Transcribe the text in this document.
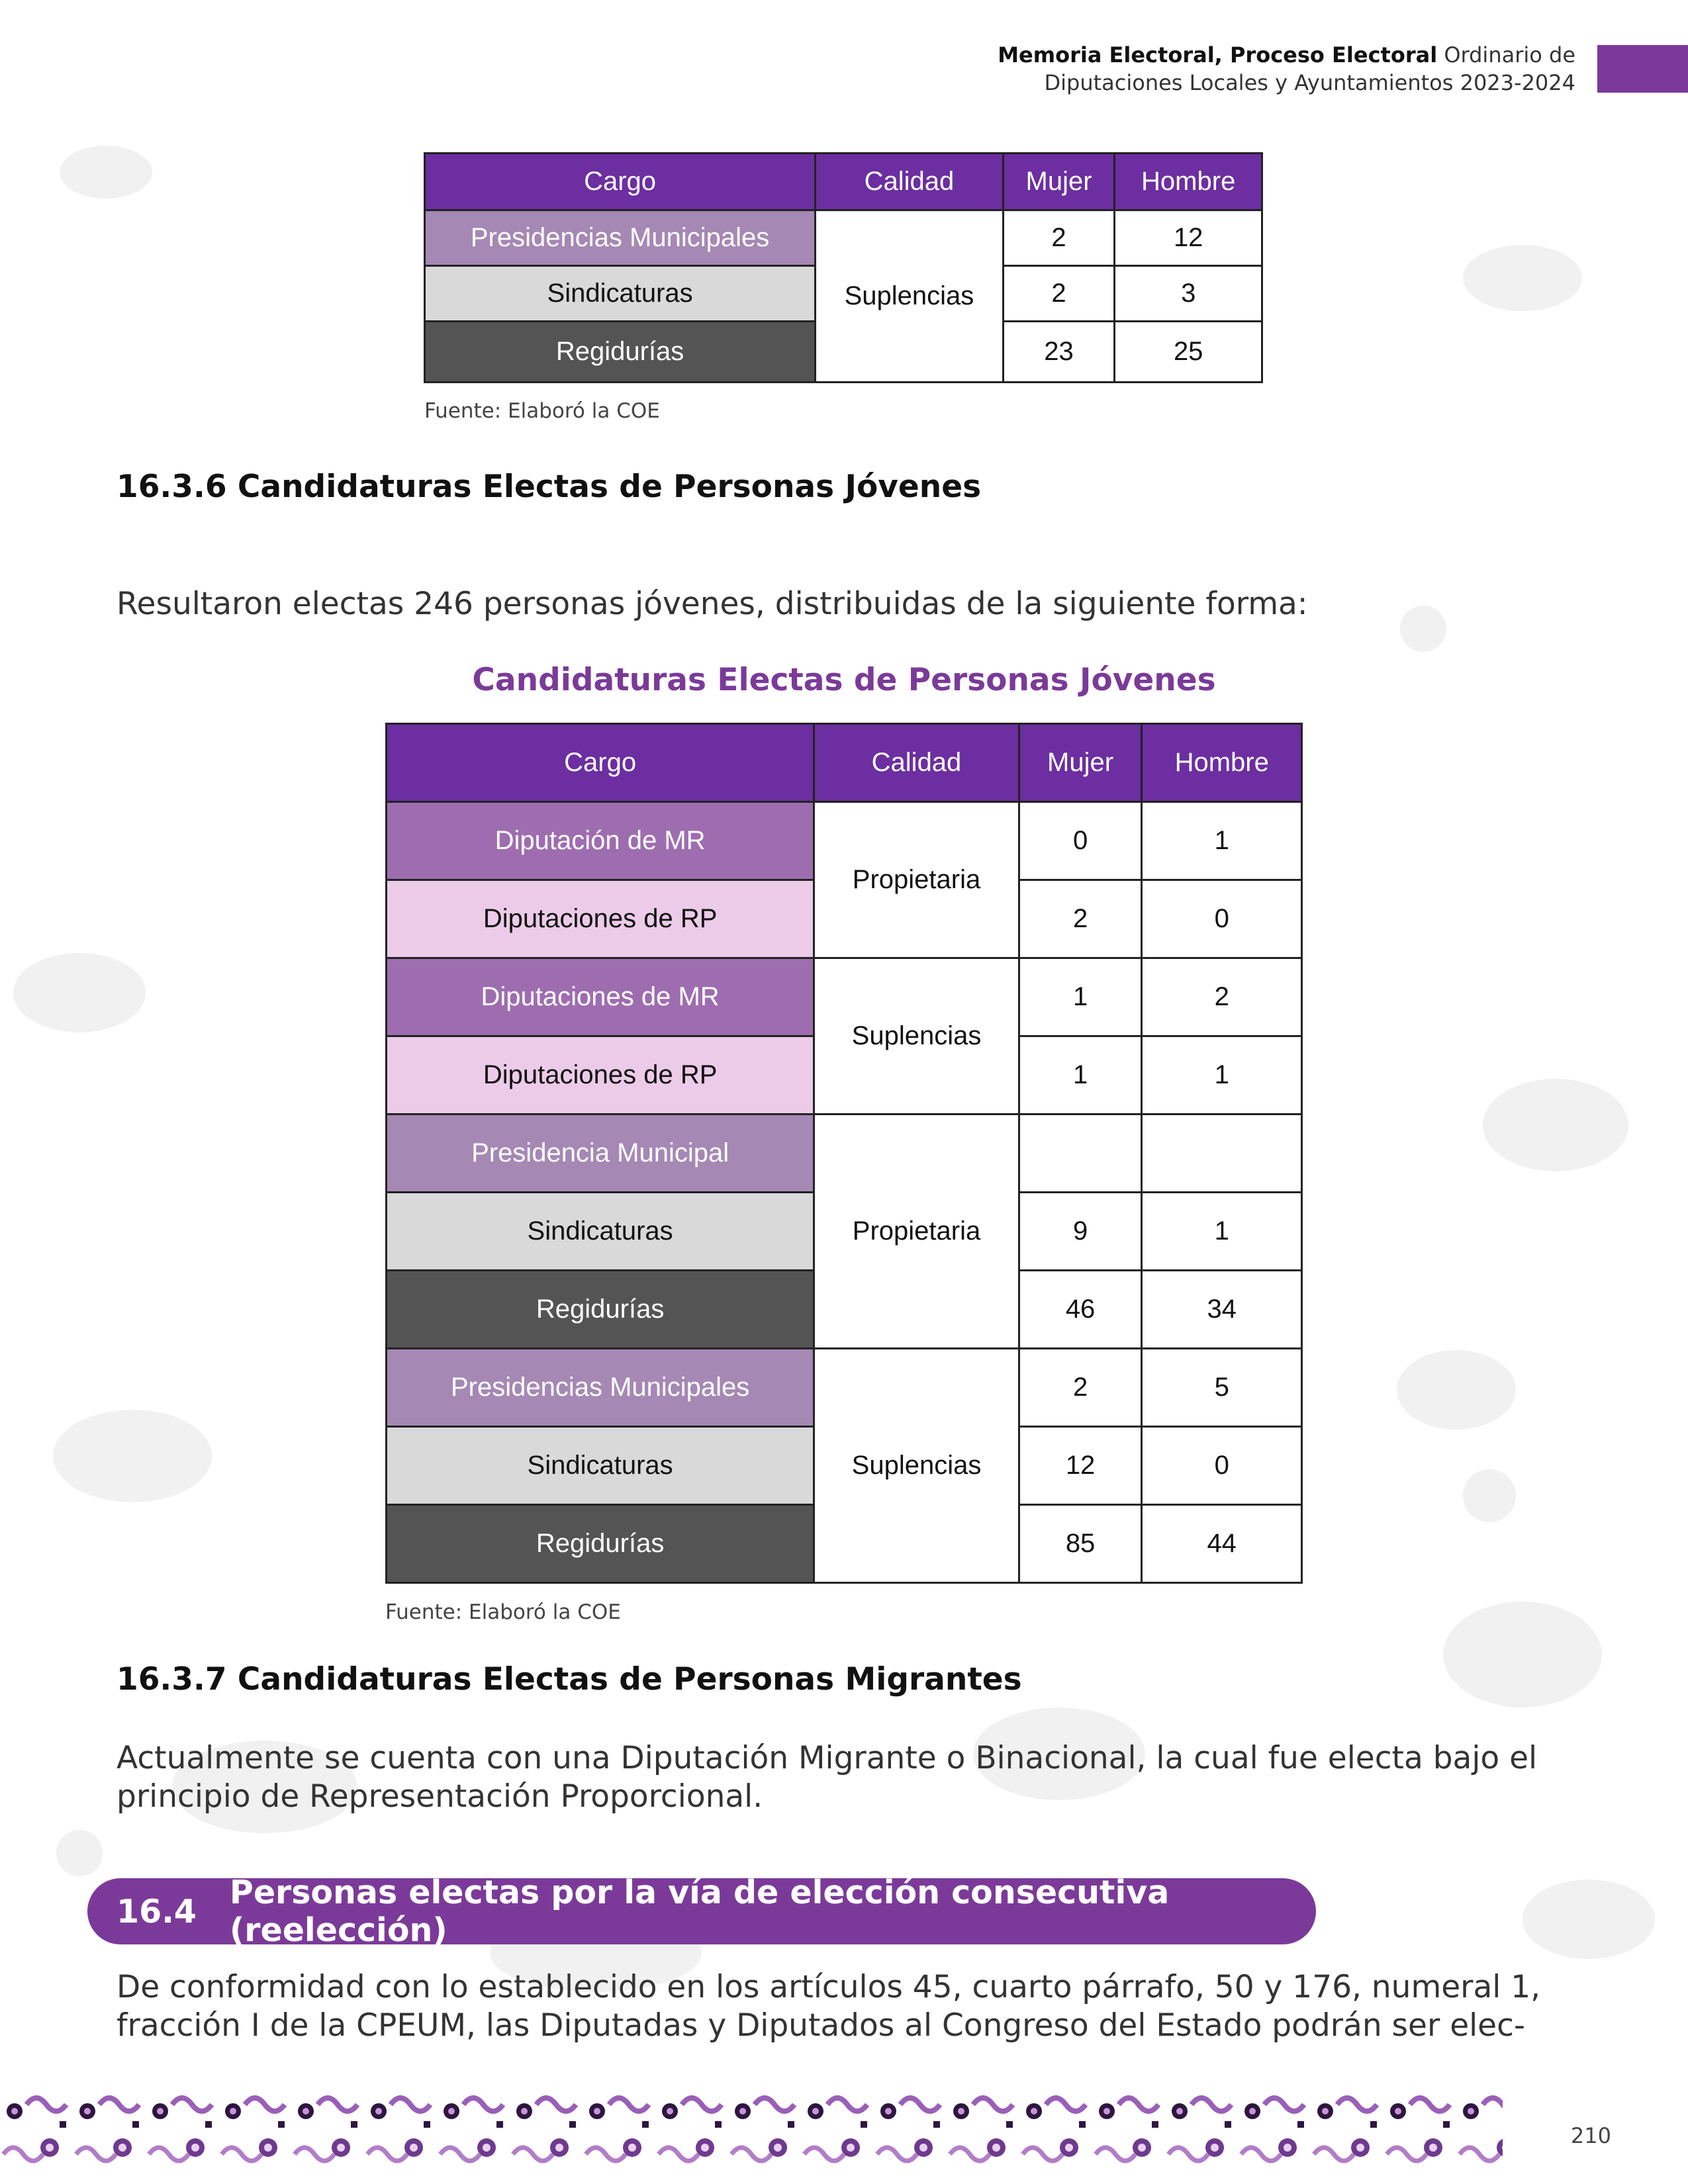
Memoria Electoral, Proceso Electoral Ordinario de
Diputaciones Locales y Ayuntamientos 2023-2024
Cargo	Calidad	Mujer	Hombre
Presidencias Municipales	Suplencias	2	12
Sindicaturas		2	3
Regidurías		23	25
Fuente: Elaboró la COE
16.3.6 Candidaturas Electas de Personas Jóvenes
Resultaron electas 246 personas jóvenes, distribuidas de la siguiente forma:
Candidaturas Electas de Personas Jóvenes
Cargo	Calidad	Mujer	Hombre
Diputación de MR	Propietaria	0	1
Diputaciones de RP		2	0
Diputaciones de MR	Suplencias	1	2
Diputaciones de RP		1	1
Presidencia Municipal	Propietaria		
Sindicaturas		9	1
Regidurías		46	34
Presidencias Municipales	Suplencias	2	5
Sindicaturas		12	0
Regidurías		85	44
Fuente: Elaboró la COE
16.3.7 Candidaturas Electas de Personas Migrantes
Actualmente se cuenta con una Diputación Migrante o Binacional, la cual fue electa bajo el principio de Representación Proporcional.
16.4 Personas electas por la vía de elección consecutiva (reelección)
De conformidad con lo establecido en los artículos 45, cuarto párrafo, 50 y 176, numeral 1, fracción I de la CPEUM, las Diputadas y Diputados al Congreso del Estado podrán ser elec-
210
